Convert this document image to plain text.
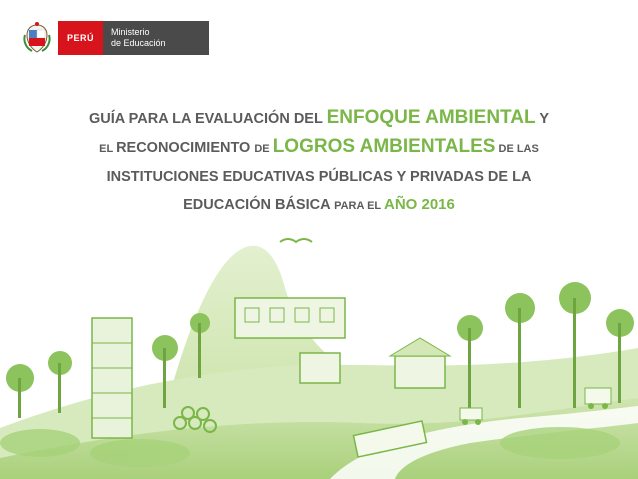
PERÚ
Ministerio
de Educación
GUÍA PARA LA EVALUACIÓN DEL ENFOQUE AMBIENTAL Y
EL RECONOCIMIENTO DE LOGROS AMBIENTALES DE LAS
INSTITUCIONES EDUCATIVAS PÚBLICAS Y PRIVADAS DE LA
EDUCACIÓN BÁSICA PARA EL AÑO 2016
